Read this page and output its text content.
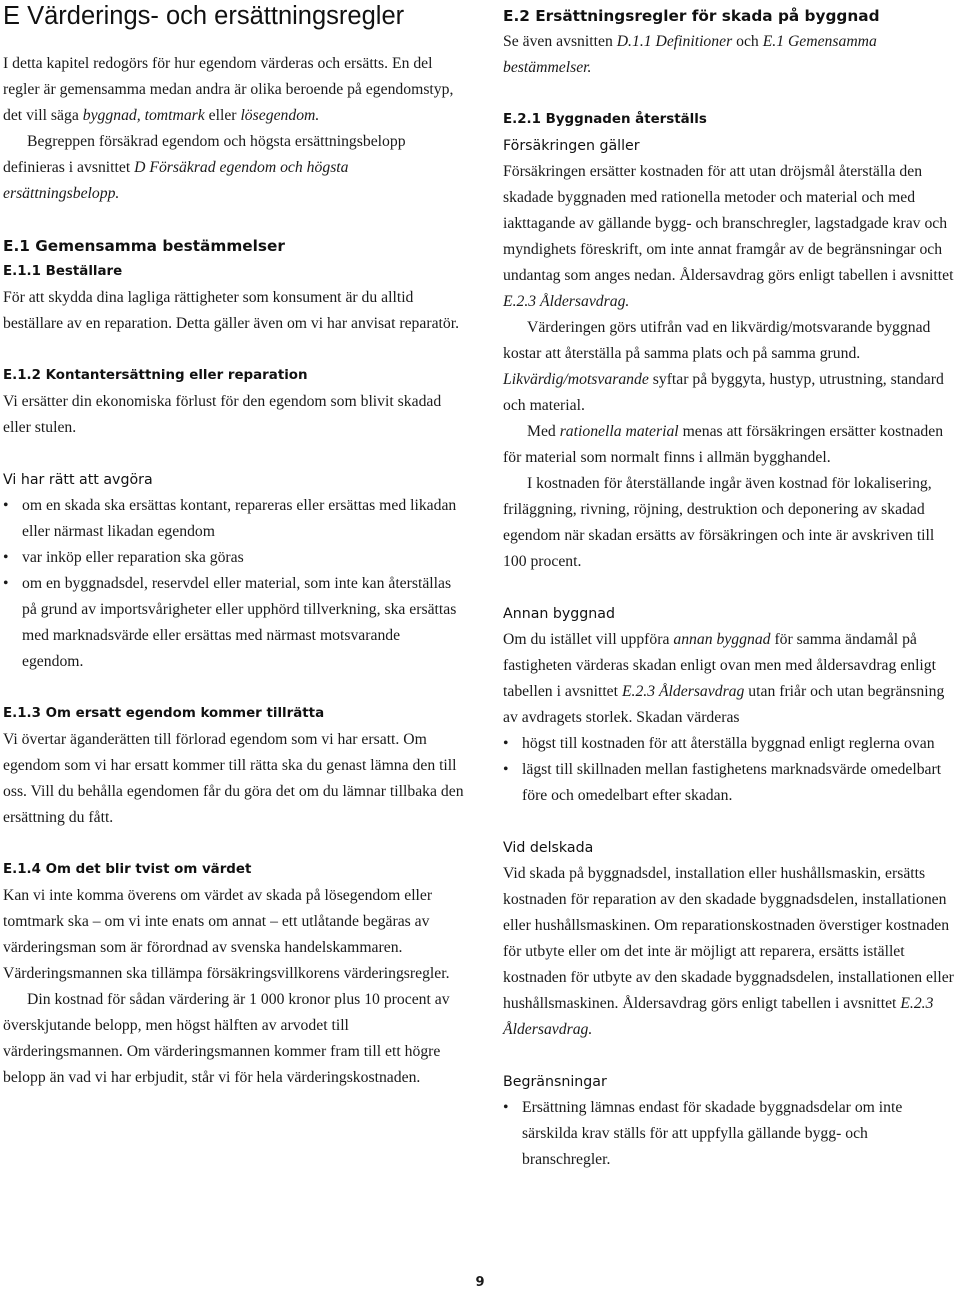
E Värderings- och ersättningsregler

I detta kapitel redogörs för hur egendom värderas och ersätts. En del regler är gemensamma medan andra är olika beroende på egendomstyp, det vill säga byggnad, tomtmark eller lösegendom.

Begreppen försäkrad egendom och högsta ersättningsbelopp definieras i avsnittet D Försäkrad egendom och högsta ersättningsbelopp.

E.1 Gemensamma bestämmelser
E.1.1 Beställare

För att skydda dina lagliga rättigheter som konsument är du alltid beställare av en reparation. Detta gäller även om vi har anvisat reparatör.

E.1.2 Kontantersättning eller reparation

Vi ersätter din ekonomiska förlust för den egendom som blivit skadad eller stulen.

Vi har rätt att avgöra
• om en skada ska ersättas kontant, repareras eller ersättas med likadan eller närmast likadan egendom
• var inköp eller reparation ska göras
• om en byggnadsdel, reservdel eller material, som inte kan återställas på grund av importsvårigheter eller upphörd tillverkning, ska ersättas med marknadsvärde eller ersättas med närmast motsvarande egendom.
E.1.3 Om ersatt egendom kommer tillrätta

Vi övertar äganderätten till förlorad egendom som vi har ersatt. Om egendom som vi har ersatt kommer till rätta ska du genast lämna den till oss. Vill du behålla egendomen får du göra det om du lämnar tillbaka den ersättning du fått.

E.1.4 Om det blir tvist om värdet

Kan vi inte komma överens om värdet av skada på lösegendom eller tomtmark ska – om vi inte enats om annat – ett utlåtande begäras av värderingsman som är förordnad av svenska handelskammaren. Värderingsmannen ska tillämpa försäkringsvillkorens värderingsregler.

Din kostnad för sådan värdering är 1 000 kronor plus 10 procent av överskjutande belopp, men högst hälften av arvodet till värderingsmannen. Om värderingsmannen kommer fram till ett högre belopp än vad vi har erbjudit, står vi för hela värderingskostnaden.

E.2 Ersättningsregler för skada på byggnad

Se även avsnitten D.1.1 Definitioner och E.1 Gemensamma bestämmelser.

E.2.1 Byggnaden återställs
Försäkringen gäller

Försäkringen ersätter kostnaden för att utan dröjsmål återställa den skadade byggnaden med rationella metoder och material och med iakttagande av gällande bygg- och branschregler, lagstadgade krav och myndighets föreskrift, om inte annat framgår av de begränsningar och undantag som anges nedan. Åldersavdrag görs enligt tabellen i avsnittet E.2.3 Åldersavdrag.

Värderingen görs utifrån vad en likvärdig/motsvarande byggnad kostar att återställa på samma plats och på samma grund. Likvärdig/motsvarande syftar på byggyta, hustyp, utrustning, standard och material.

Med rationella material menas att försäkringen ersätter kostnaden för material som normalt finns i allmän bygghandel.

I kostnaden för återställande ingår även kostnad för lokalisering, friläggning, rivning, röjning, destruktion och deponering av skadad egendom när skadan ersätts av försäkringen och inte är avskriven till 100 procent.

Annan byggnad

Om du istället vill uppföra annan byggnad för samma ändamål på fastigheten värderas skadan enligt ovan men med åldersavdrag enligt tabellen i avsnittet E.2.3 Åldersavdrag utan friår och utan begränsning av avdragets storlek. Skadan värderas

• högst till kostnaden för att återställa byggnad enligt reglerna ovan
• lägst till skillnaden mellan fastighetens marknadsvärde omedelbart före och omedelbart efter skadan.
Vid delskada

Vid skada på byggnadsdel, installation eller hushållsmaskin, ersätts kostnaden för reparation av den skadade byggnadsdelen, installationen eller hushållsmaskinen. Om reparationskostnaden överstiger kostnaden för utbyte eller om det inte är möjligt att reparera, ersätts istället kostnaden för utbyte av den skadade byggnadsdelen, installationen eller hushållsmaskinen. Åldersavdrag görs enligt tabellen i avsnittet E.2.3 Åldersavdrag.

Begränsningar
• Ersättning lämnas endast för skadade byggnadsdelar om inte särskilda krav ställs för att uppfylla gällande bygg- och branschregler.
9
